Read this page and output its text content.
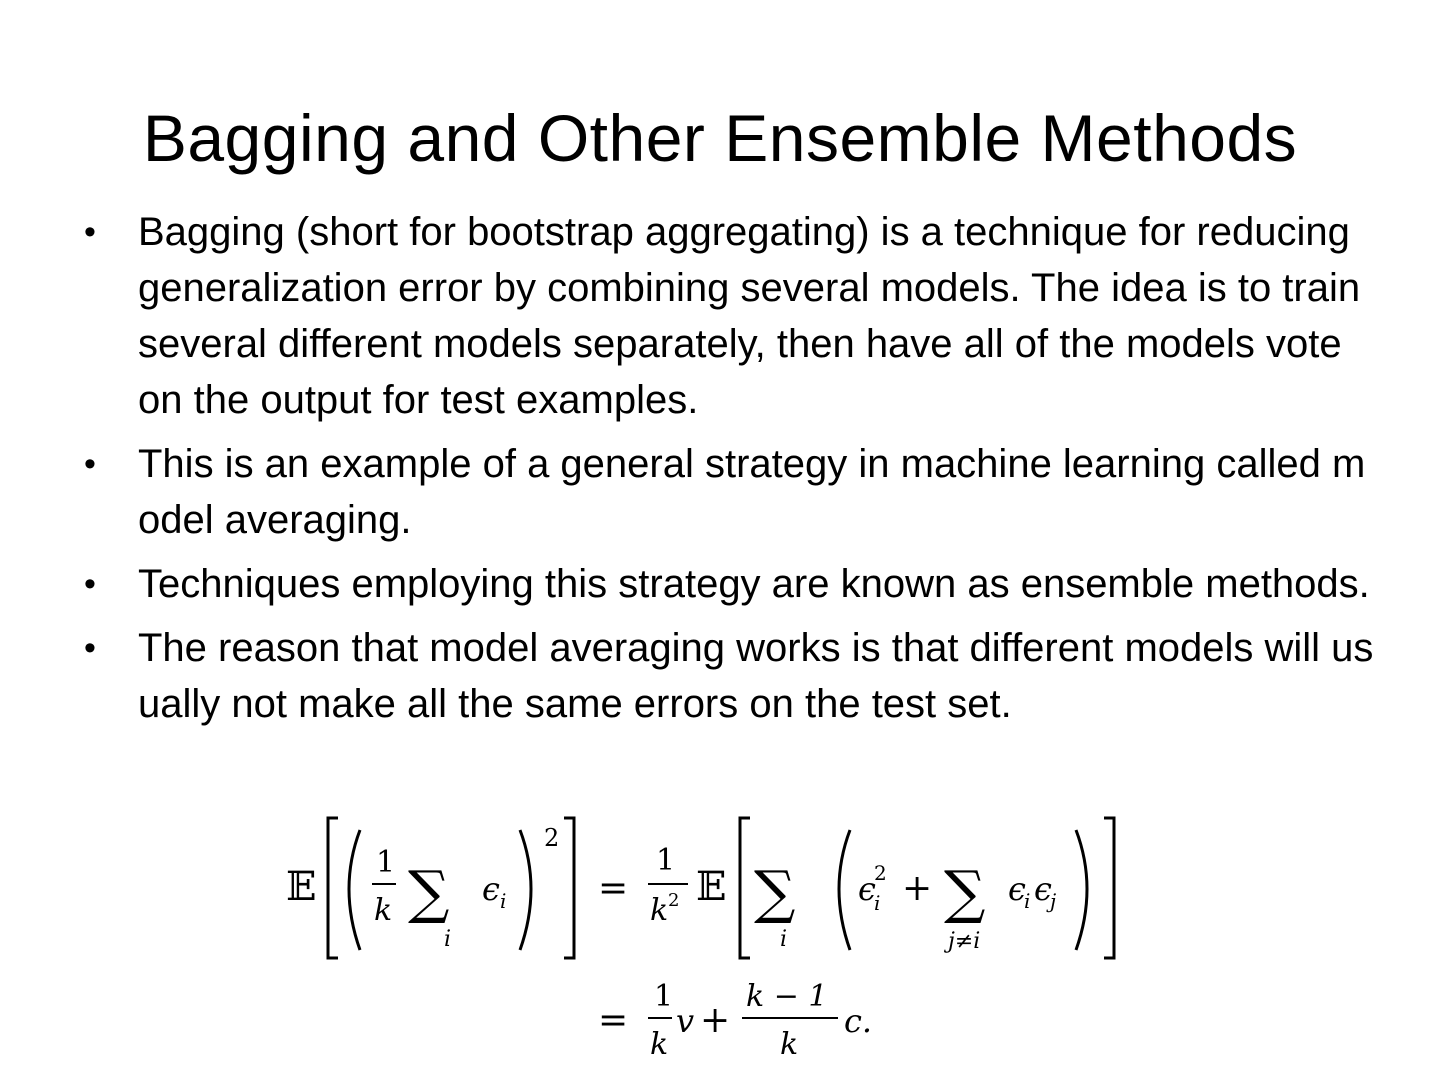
Bagging and Other Ensemble Methods
• Bagging (short for bootstrap aggregating) is a technique for reducing generalization error by combining several models. The idea is to train several different models separately, then have all of the models vote on the output for test examples.
• This is an example of a general strategy in machine learning called model averaging.
• Techniques employing this strategy are known as ensemble methods.
• The reason that model averaging works is that different models will usually not make all the same errors on the test set.
𝔼
1
k ∑
i
ϵ i
2
=
1
k 2 𝔼 ∑
i
ϵ
2
i + ∑
j≠i
ϵ
i ϵ
j
=
1
k
v +
k − 1
k
c.
